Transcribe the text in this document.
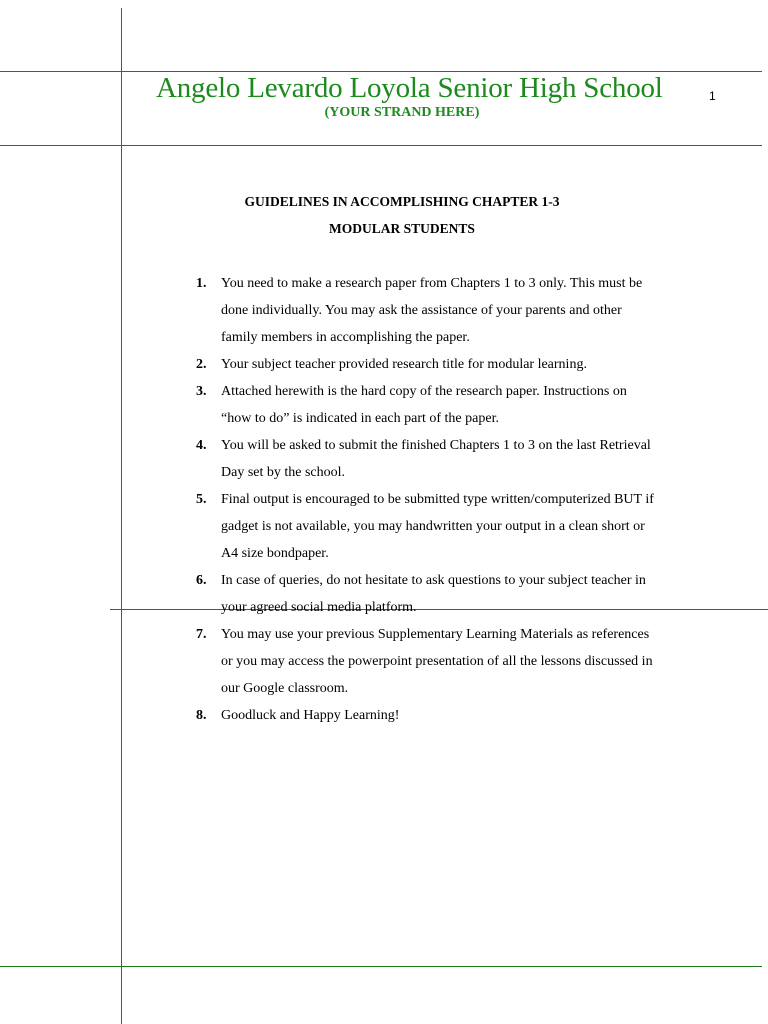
Angelo Levardo Loyola Senior High School
(YOUR STRAND HERE)
1
GUIDELINES IN ACCOMPLISHING CHAPTER 1-3
MODULAR STUDENTS
1. You need to make a research paper from Chapters 1 to 3 only. This must be done individually. You may ask the assistance of your parents and other family members in accomplishing the paper.
2. Your subject teacher provided research title for modular learning.
3. Attached herewith is the hard copy of the research paper. Instructions on “how to do” is indicated in each part of the paper.
4. You will be asked to submit the finished Chapters 1 to 3 on the last Retrieval Day set by the school.
5. Final output is encouraged to be submitted type written/computerized BUT if gadget is not available, you may handwritten your output in a clean short or A4 size bondpaper.
6. In case of queries, do not hesitate to ask questions to your subject teacher in your agreed social media platform.
7. You may use your previous Supplementary Learning Materials as references or you may access the powerpoint presentation of all the lessons discussed in our Google classroom.
8. Goodluck and Happy Learning!
